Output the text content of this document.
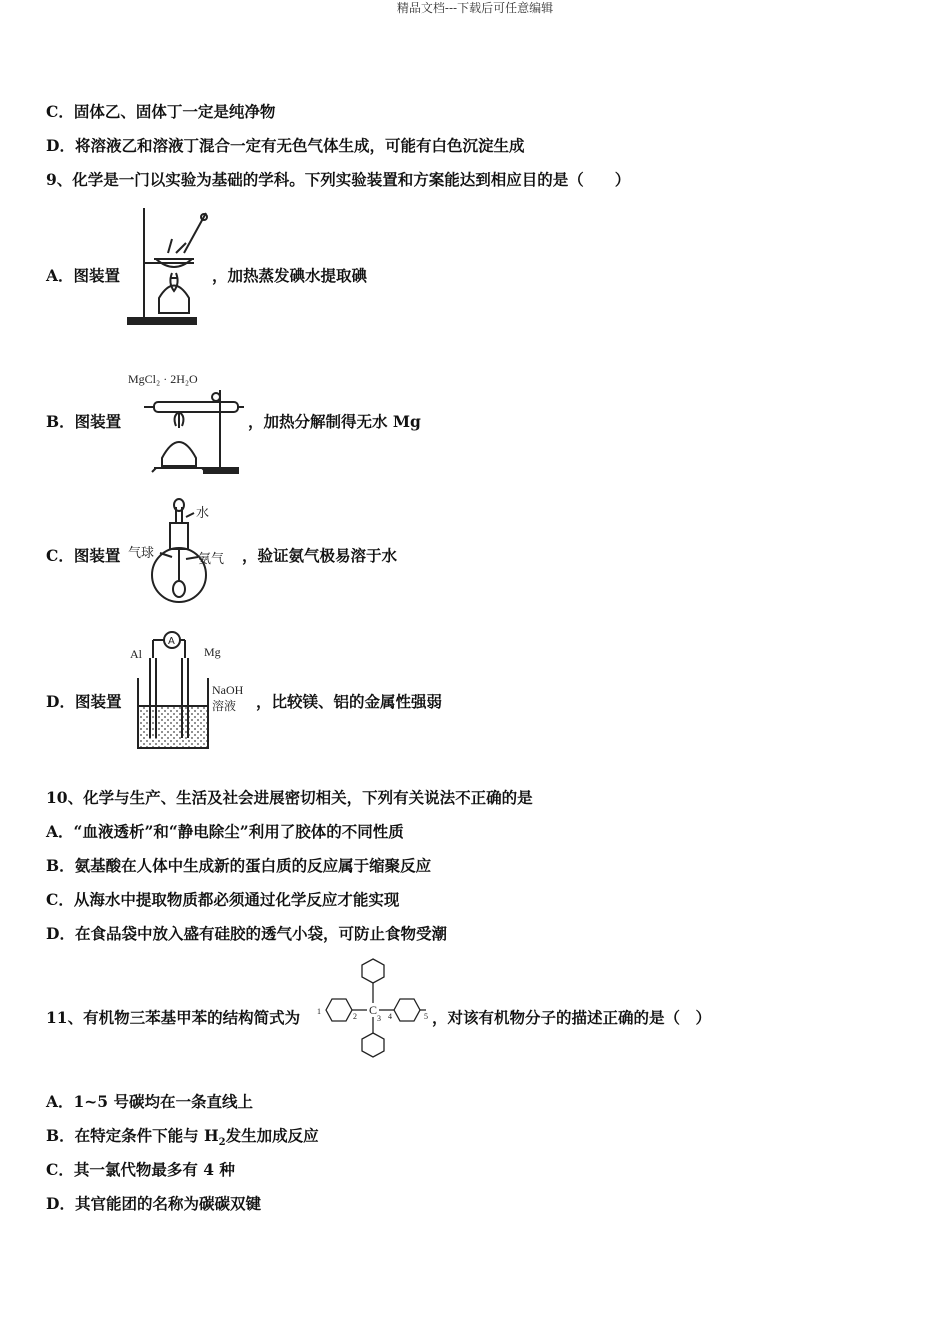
精品文档---下载后可任意编辑
C．固体乙、固体丁一定是纯净物
D．将溶液乙和溶液丁混合一定有无色气体生成，可能有白色沉淀生成
9、化学是一门以实验为基础的学科。下列实验装置和方案能达到相应目的是（　　）
A．图装置	，加热蒸发碘水提取碘
B．图装置
MgCl₂ · 2H₂O
，加热分解制得无水 Mg
C．图装置
水
气球	氨气 ，验证氨气极易溶于水
D．图装置
A
Al	Mg
NaOH
溶液 ，比较镁、铝的金属性强弱
10、化学与生产、生活及社会进展密切相关，下列有关说法不正确的是
A．“血液透析”和“静电除尘”利用了胶体的不同性质
B．氨基酸在人体中生成新的蛋白质的反应属于缩聚反应
C．从海水中提取物质都必须通过化学反应才能实现
D．在食品袋中放入盛有硅胶的透气小袋，可防止食物受潮
11、有机物三苯基甲苯的结构简式为	C
1
2	3 4	5 ，对该有机物分子的描述正确的是（　）
A．1~5 号碳均在一条直线上
B．在特定条件下能与 $H_2$发生加成反应
C．其一氯代物最多有 4 种
D．其官能团的名称为碳碳双键
